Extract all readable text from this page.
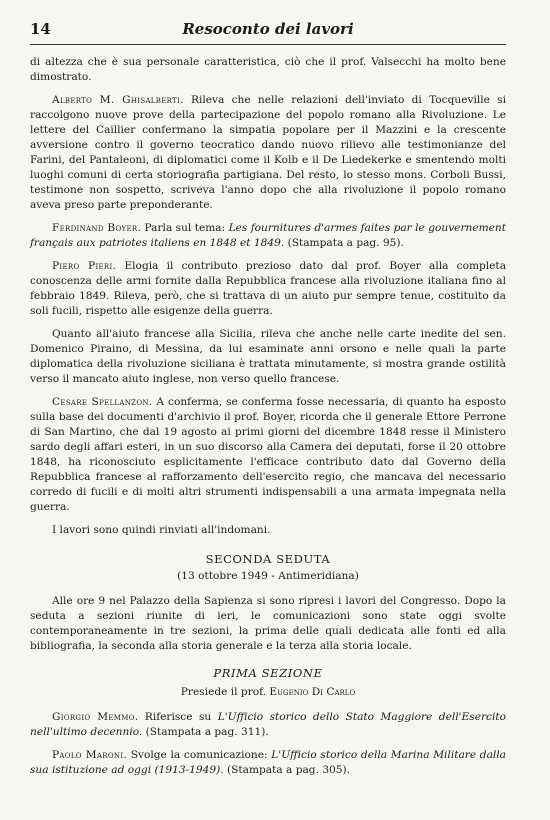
14	Resoconto dei lavori

di altezza che è sua personale caratteristica, ciò che il prof. Valsecchi ha molto bene dimostrato.

Alberto M. Ghisalberti. Rileva che nelle relazioni dell'inviato di Tocqueville si raccolgono nuove prove della partecipazione del popolo romano alla Rivoluzione. Le lettere del Caillier confermano la simpatia popolare per il Mazzini e la crescente avversione contro il governo teocratico dando nuovo rilievo alle testimonianze del Farini, del Pantaleoni, di diplomatici come il Kolb e il De Liedekerke e smentendo molti luoghi comuni di certa storiografia partigiana. Del resto, lo stesso mons. Corboli Bussi, testimone non sospetto, scriveva l'anno dopo che alla rivoluzione il popolo romano aveva preso parte preponderante.

Ferdinand Boyer. Parla sul tema: Les fournitures d'armes faites par le gouvernement français aux patriotes italiens en 1848 et 1849. (Stampata a pag. 95).

Piero Pieri. Elogia il contributo prezioso dato dal prof. Boyer alla completa conoscenza delle armi fornite dalla Repubblica francese alla rivoluzione italiana fino al febbraio 1849. Rileva, però, che si trattava di un aiuto pur sempre tenue, costituito da soli fucili, rispetto alle esigenze della guerra.

Quanto all'aiuto francese alla Sicilia, rileva che anche nelle carte inedite del sen. Domenico Piraino, di Messina, da lui esaminate anni orsono e nelle quali la parte diplomatica della rivoluzione siciliana è trattata minutamente, si mostra grande ostilità verso il mancato aiuto inglese, non verso quello francese.

Cesare Spellanzon. A conferma, se conferma fosse necessaria, di quanto ha esposto sulla base dei documenti d'archivio il prof. Boyer, ricorda che il generale Ettore Perrone di San Martino, che dal 19 agosto ai primi giorni del dicembre 1848 resse il Ministero sardo degli affari esteri, in un suo discorso alla Camera dei deputati, forse il 20 ottobre 1848, ha riconosciuto esplicitamente l'efficace contributo dato dal Governo della Repubblica francese al rafforzamento dell'esercito regio, che mancava del necessario corredo di fucili e di molti altri strumenti indispensabili a una armata impegnata nella guerra.

I lavori sono quindi rinviati all'indomani.

SECONDA SEDUTA
(13 ottobre 1949 - Antimeridiana)

Alle ore 9 nel Palazzo della Sapienza si sono ripresi i lavori del Congresso. Dopo la seduta a sezioni riunite di ieri, le comunicazioni sono state oggi svolte contemporaneamente in tre sezioni, la prima delle quali dedicata alle fonti ed alla bibliografia, la seconda alla storia generale e la terza alla storia locale.

PRIMA SEZIONE
Presiede il prof. Eugenio Di Carlo

Giorgio Memmo. Riferisce su L'Ufficio storico dello Stato Maggiore dell'Esercito nell'ultimo decennio. (Stampata a pag. 311).

Paolo Maroni. Svolge la comunicazione: L'Ufficio storico della Marina Militare dalla sua istituzione ad oggi (1913-1949). (Stampata a pag. 305).
